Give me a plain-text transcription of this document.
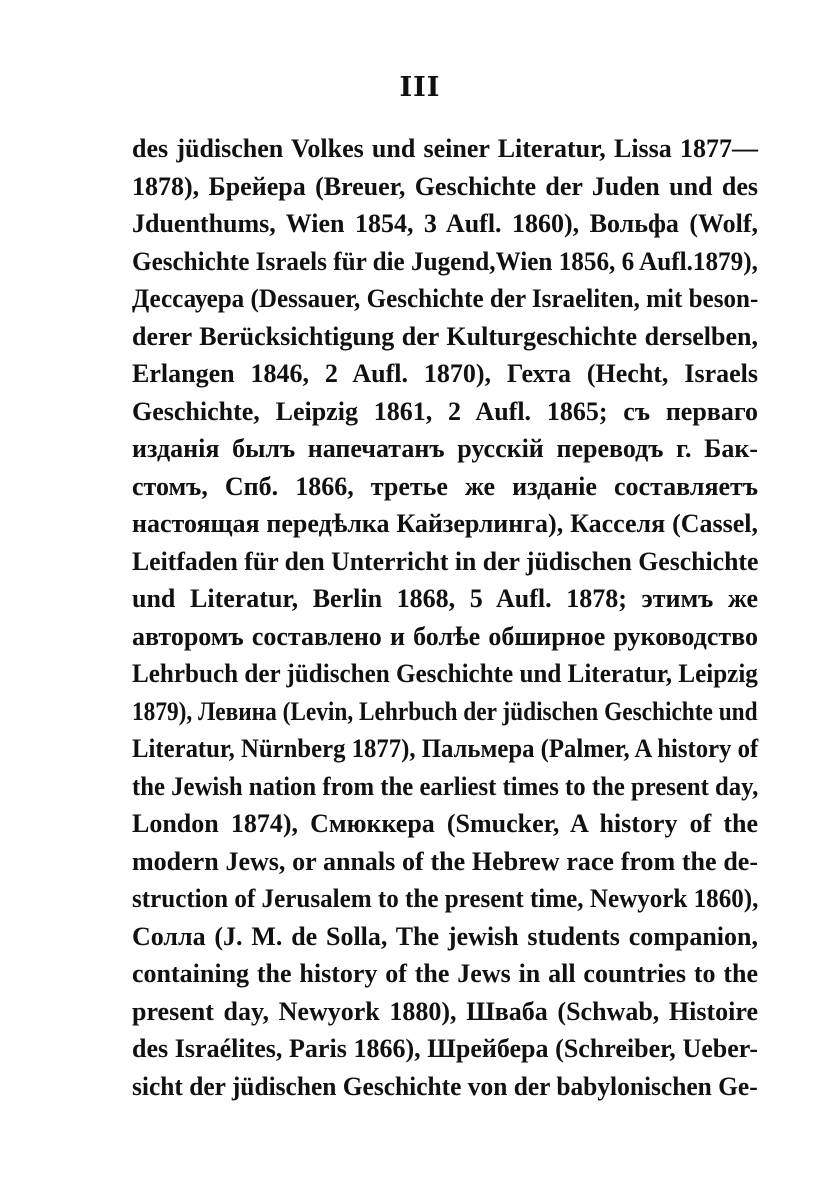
III
des jüdischen Volkes und seiner Literatur, Lissa 1877—
1878), Брейера (Breuer, Geschichte der Juden und des
Jduenthums, Wien 1854, 3 Aufl. 1860), Вольфа (Wolf,
Geschichte Israels für die Jugend,Wien 1856, 6 Aufl.1879),
Дессауера (Dessauer, Geschichte der Israeliten, mit beson-
derer Berücksichtigung der Kulturgeschichte derselben,
Erlangen 1846, 2 Aufl. 1870), Гехта (Hecht, Israels
Geschichte, Leipzig 1861, 2 Aufl. 1865; съ перваго
изданія былъ напечатанъ русскій переводъ г. Бак-
стомъ, Спб. 1866, третье же изданіе составляетъ
настоящая передѣлка Кайзерлинга), Касселя (Cassel,
Leitfaden für den Unterricht in der jüdischen Geschichte
und Literatur, Berlin 1868, 5 Aufl. 1878; этимъ же
авторомъ составлено и болѣе обширное руководство
Lehrbuch der jüdischen Geschichte und Literatur, Leipzig
1879), Левина (Levin, Lehrbuch der jüdischen Geschichte und
Literatur, Nürnberg 1877), Пальмера (Palmer, A history of
the Jewish nation from the earliest times to the present day,
London 1874), Смюккера (Smucker, A history of the
modern Jews, or annals of the Hebrew race from the de-
struction of Jerusalem to the present time, Newyork 1860),
Солла (J. M. de Solla, The jewish students companion,
containing the history of the Jews in all countries to the
present day, Newyork 1880), Шваба (Schwab, Histoire
des Israélites, Paris 1866), Шрейбера (Schreiber, Ueber-
sicht der jüdischen Geschichte von der babylonischen Ge-
